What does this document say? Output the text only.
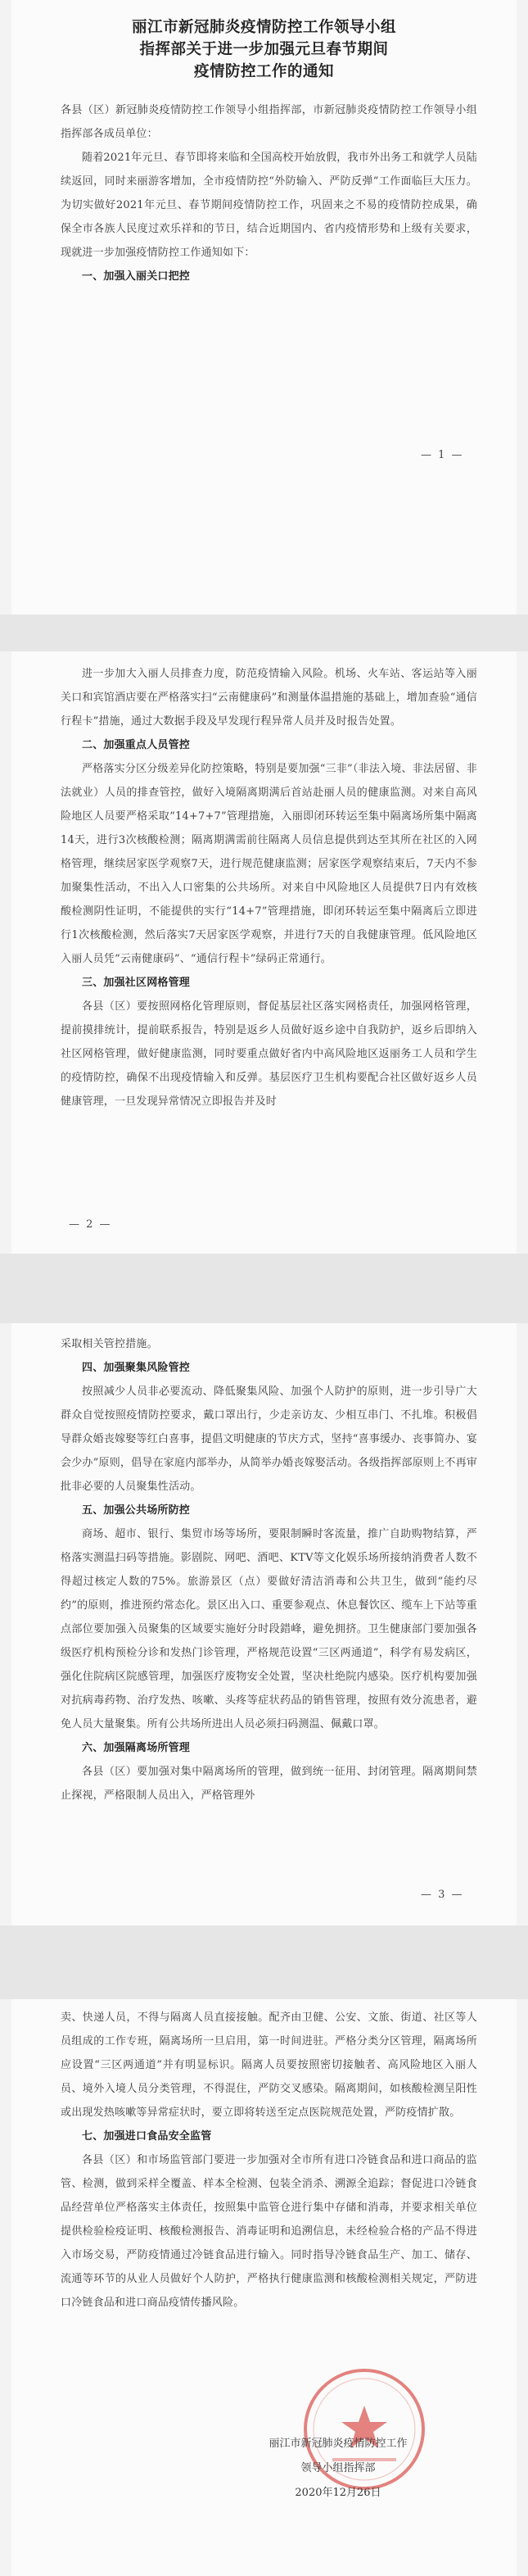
丽江市新冠肺炎疫情防控工作领导小组
指挥部关于进一步加强元旦春节期间
疫情防控工作的通知

各县（区）新冠肺炎疫情防控工作领导小组指挥部，市新冠肺炎疫情防控工作领导小组指挥部各成员单位：

随着2021年元旦、春节即将来临和全国高校开始放假，我市外出务工和就学人员陆续返回，同时来丽游客增加，全市疫情防控“外防输入、严防反弹”工作面临巨大压力。为切实做好2021年元旦、春节期间疫情防控工作，巩固来之不易的疫情防控成果，确保全市各族人民度过欢乐祥和的节日，结合近期国内、省内疫情形势和上级有关要求，现就进一步加强疫情防控工作通知如下：

一、加强入丽关口把控

— 1 —

进一步加大入丽人员排查力度，防范疫情输入风险。机场、火车站、客运站等入丽关口和宾馆酒店要在严格落实扫“云南健康码”和测量体温措施的基础上，增加查验“通信行程卡”措施，通过大数据手段及早发现行程异常人员并及时报告处置。

二、加强重点人员管控

严格落实分区分级差异化防控策略，特别是要加强“三非”（非法入境、非法居留、非法就业）人员的排查管控，做好入境隔离期满后首站赴丽人员的健康监测。对来自高风险地区人员要严格采取“14+7+7”管理措施，入丽即闭环转运至集中隔离场所集中隔离14天，进行3次核酸检测；隔离期满需前往隔离人员信息提供到达至其所在社区的入网格管理，继续居家医学观察7天，进行规范健康监测；居家医学观察结束后，7天内不参加聚集性活动，不出入人口密集的公共场所。对来自中风险地区人员提供7日内有效核酸检测阴性证明，不能提供的实行“14+7”管理措施，即闭环转运至集中隔离后立即进行1次核酸检测，然后落实7天居家医学观察，并进行7天的自我健康管理。低风险地区入丽人员凭“云南健康码”、“通信行程卡”绿码正常通行。

三、加强社区网格管理

各县（区）要按照网格化管理原则，督促基层社区落实网格责任，加强网格管理，提前摸排统计，提前联系报告，特别是返乡人员做好返乡途中自我防护，返乡后即纳入社区网格管理，做好健康监测，同时要重点做好省内中高风险地区返丽务工人员和学生的疫情防控，确保不出现疫情输入和反弹。基层医疗卫生机构要配合社区做好返乡人员健康管理，一旦发现异常情况立即报告并及时

— 2 —

采取相关管控措施。

四、加强聚集风险管控

按照减少人员非必要流动、降低聚集风险、加强个人防护的原则，进一步引导广大群众自觉按照疫情防控要求，戴口罩出行，少走亲访友、少相互串门、不扎堆。积极倡导群众婚丧嫁娶等红白喜事，提倡文明健康的节庆方式，坚持“喜事缓办、丧事简办、宴会少办”原则，倡导在家庭内部举办，从简举办婚丧嫁娶活动。各级指挥部原则上不再审批非必要的人员聚集性活动。

五、加强公共场所防控

商场、超市、银行、集贸市场等场所，要限制瞬时客流量，推广自助购物结算，严格落实测温扫码等措施。影剧院、网吧、酒吧、KTV等文化娱乐场所接纳消费者人数不得超过核定人数的75%。旅游景区（点）要做好清洁消毒和公共卫生，做到“能约尽约”的原则，推进预约常态化。景区出入口、重要参观点、休息餐饮区、缆车上下站等重点部位要加强入员聚集的区域要实施好分时段錯峰，避免拥挤。卫生健康部门要加强各级医疗机构预检分诊和发热门诊管理，严格规范设置“三区两通道”，科学有易发病区，强化住院病区院感管理，加强医疗废物安全处置，坚决杜绝院内感染。医疗机构要加强对抗病毒药物、治疗发热、咳嗽、头疼等症状药品的销售管理，按照有效分流患者，避免人员大量聚集。所有公共场所进出人员必须扫码测温、佩戴口罩。

六、加强隔离场所管理

各县（区）要加强对集中隔离场所的管理，做到统一征用、封闭管理。隔离期间禁止探视，严格限制人员出入，严格管理外

— 3 —

卖、快递人员，不得与隔离人员直接接触。配齐由卫健、公安、文旅、街道、社区等人员组成的工作专班，隔离场所一旦启用，第一时间进驻。严格分类分区管理，隔离场所应设置“三区两通道”并有明显标识。隔离人员要按照密切接触者、高风险地区入丽人员、境外入境人员分类管理，不得混住，严防交叉感染。隔离期间，如核酸检测呈阳性或出现发热咳嗽等异常症状时，要立即将转送至定点医院规范处置，严防疫情扩散。

七、加强进口食品安全监管

各县（区）和市场监管部门要进一步加强对全市所有进口冷链食品和进口商品的监管、检测，做到采样全覆盖、样本全检测、包装全消杀、溯源全追踪；督促进口冷链食品经营单位严格落实主体责任，按照集中监管仓进行集中存储和消毒，并要求相关单位提供检验检疫证明、核酸检测报告、消毒证明和追溯信息，未经检验合格的产品不得进入市场交易，严防疫情通过冷链食品进行输入。同时指导冷链食品生产、加工、储存、流通等环节的从业人员做好个人防护，严格执行健康监测和核酸检测相关规定，严防进口冷链食品和进口商品疫情传播风险。

丽江市新冠肺炎疫情防控工作
领导小组指挥部
2020年12月26日
